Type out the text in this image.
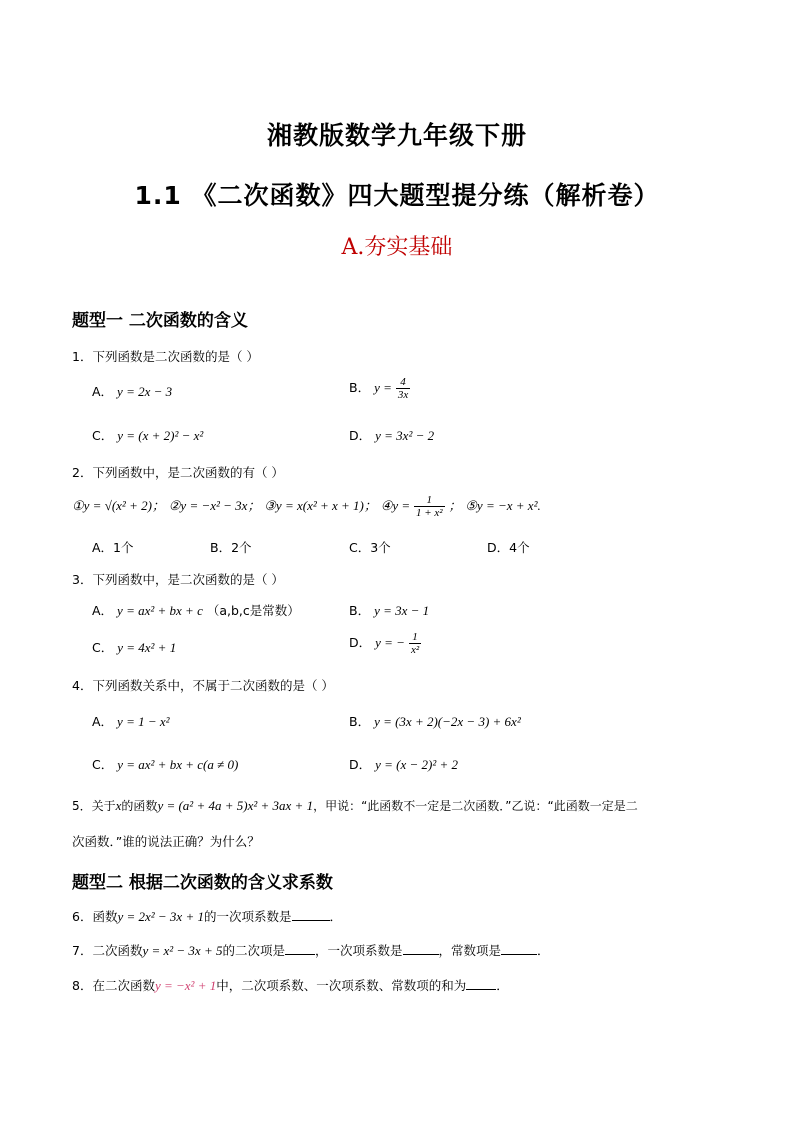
湘教版数学九年级下册
1.1 《二次函数》四大题型提分练（解析卷）
A.夯实基础
题型一 二次函数的含义
1．下列函数是二次函数的是（ ）
A． y = 2x − 3	B． $y = \frac{4}{3x}$
C． y = (x + 2)² − x²	D． y = 3x² − 2
2．下列函数中，是二次函数的有（ ）
①y = √(x² + 2)； ②y = −x² − 3x； ③y = x(x² + x + 1)； ④y = $\frac{1}{\text{1 + x²}}$ ； ⑤y = −x + x².
A．1个	B．2个	C．3个	D．4个
3．下列函数中，是二次函数的是（ ）
A． y = ax² + bx + c （a,b,c是常数）	B． y = 3x − 1
C． y = 4x² + 1	D． y = − $\frac{1}{\text{x²}}$
4．下列函数关系中，不属于二次函数的是（ ）
A． y = 1 − x²	B． y = (3x + 2)(−2x − 3) + 6x²
C． y = ax² + bx + c(a ≠ 0)	D． y = (x − 2)² + 2
5．关于x的函数y = (a² + 4a + 5)x² + 3ax + 1，甲说：“此函数不一定是二次函数．”乙说：“此函数一定是二
次函数．”谁的说法正确？为什么？
题型二 根据二次函数的含义求系数
6．函数y = 2x² − 3x + 1的一次项系数是	．
7．二次函数y = x² − 3x + 5的二次项是 ，一次项系数是	，常数项是	．
8．在二次函数y = −x² + 1中，二次项系数、一次项系数、常数项的和为 ．
